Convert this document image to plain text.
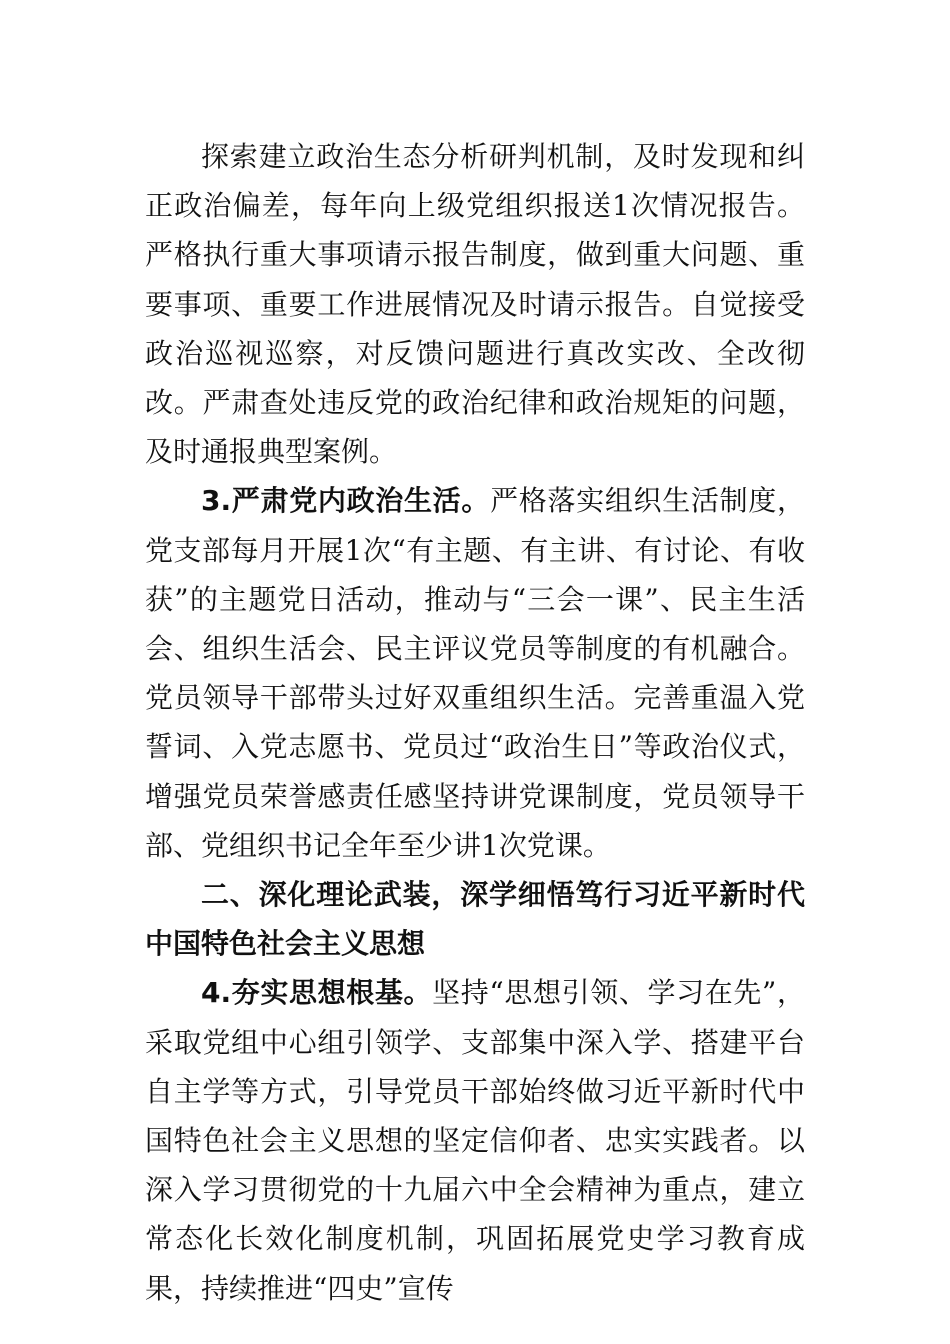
探索建立政治生态分析研判机制，及时发现和纠正政治偏差，每年向上级党组织报送1次情况报告。严格执行重大事项请示报告制度，做到重大问题、重要事项、重要工作进展情况及时请示报告。自觉接受政治巡视巡察，对反馈问题进行真改实改、全改彻改。严肃查处违反党的政治纪律和政治规矩的问题，及时通报典型案例。

3.严肃党内政治生活。严格落实组织生活制度，党支部每月开展1次“有主题、有主讲、有讨论、有收获”的主题党日活动，推动与“三会一课”、民主生活会、组织生活会、民主评议党员等制度的有机融合。党员领导干部带头过好双重组织生活。完善重温入党誓词、入党志愿书、党员过“政治生日”等政治仪式，增强党员荣誉感责任感坚持讲党课制度，党员领导干部、党组织书记全年至少讲1次党课。

二、深化理论武装，深学细悟笃行习近平新时代中国特色社会主义思想

4.夯实思想根基。坚持“思想引领、学习在先”，采取党组中心组引领学、支部集中深入学、搭建平台自主学等方式，引导党员干部始终做习近平新时代中国特色社会主义思想的坚定信仰者、忠实实践者。以深入学习贯彻党的十九届六中全会精神为重点，建立常态化长效化制度机制，巩固拓展党史学习教育成果，持续推进“四史”宣传
